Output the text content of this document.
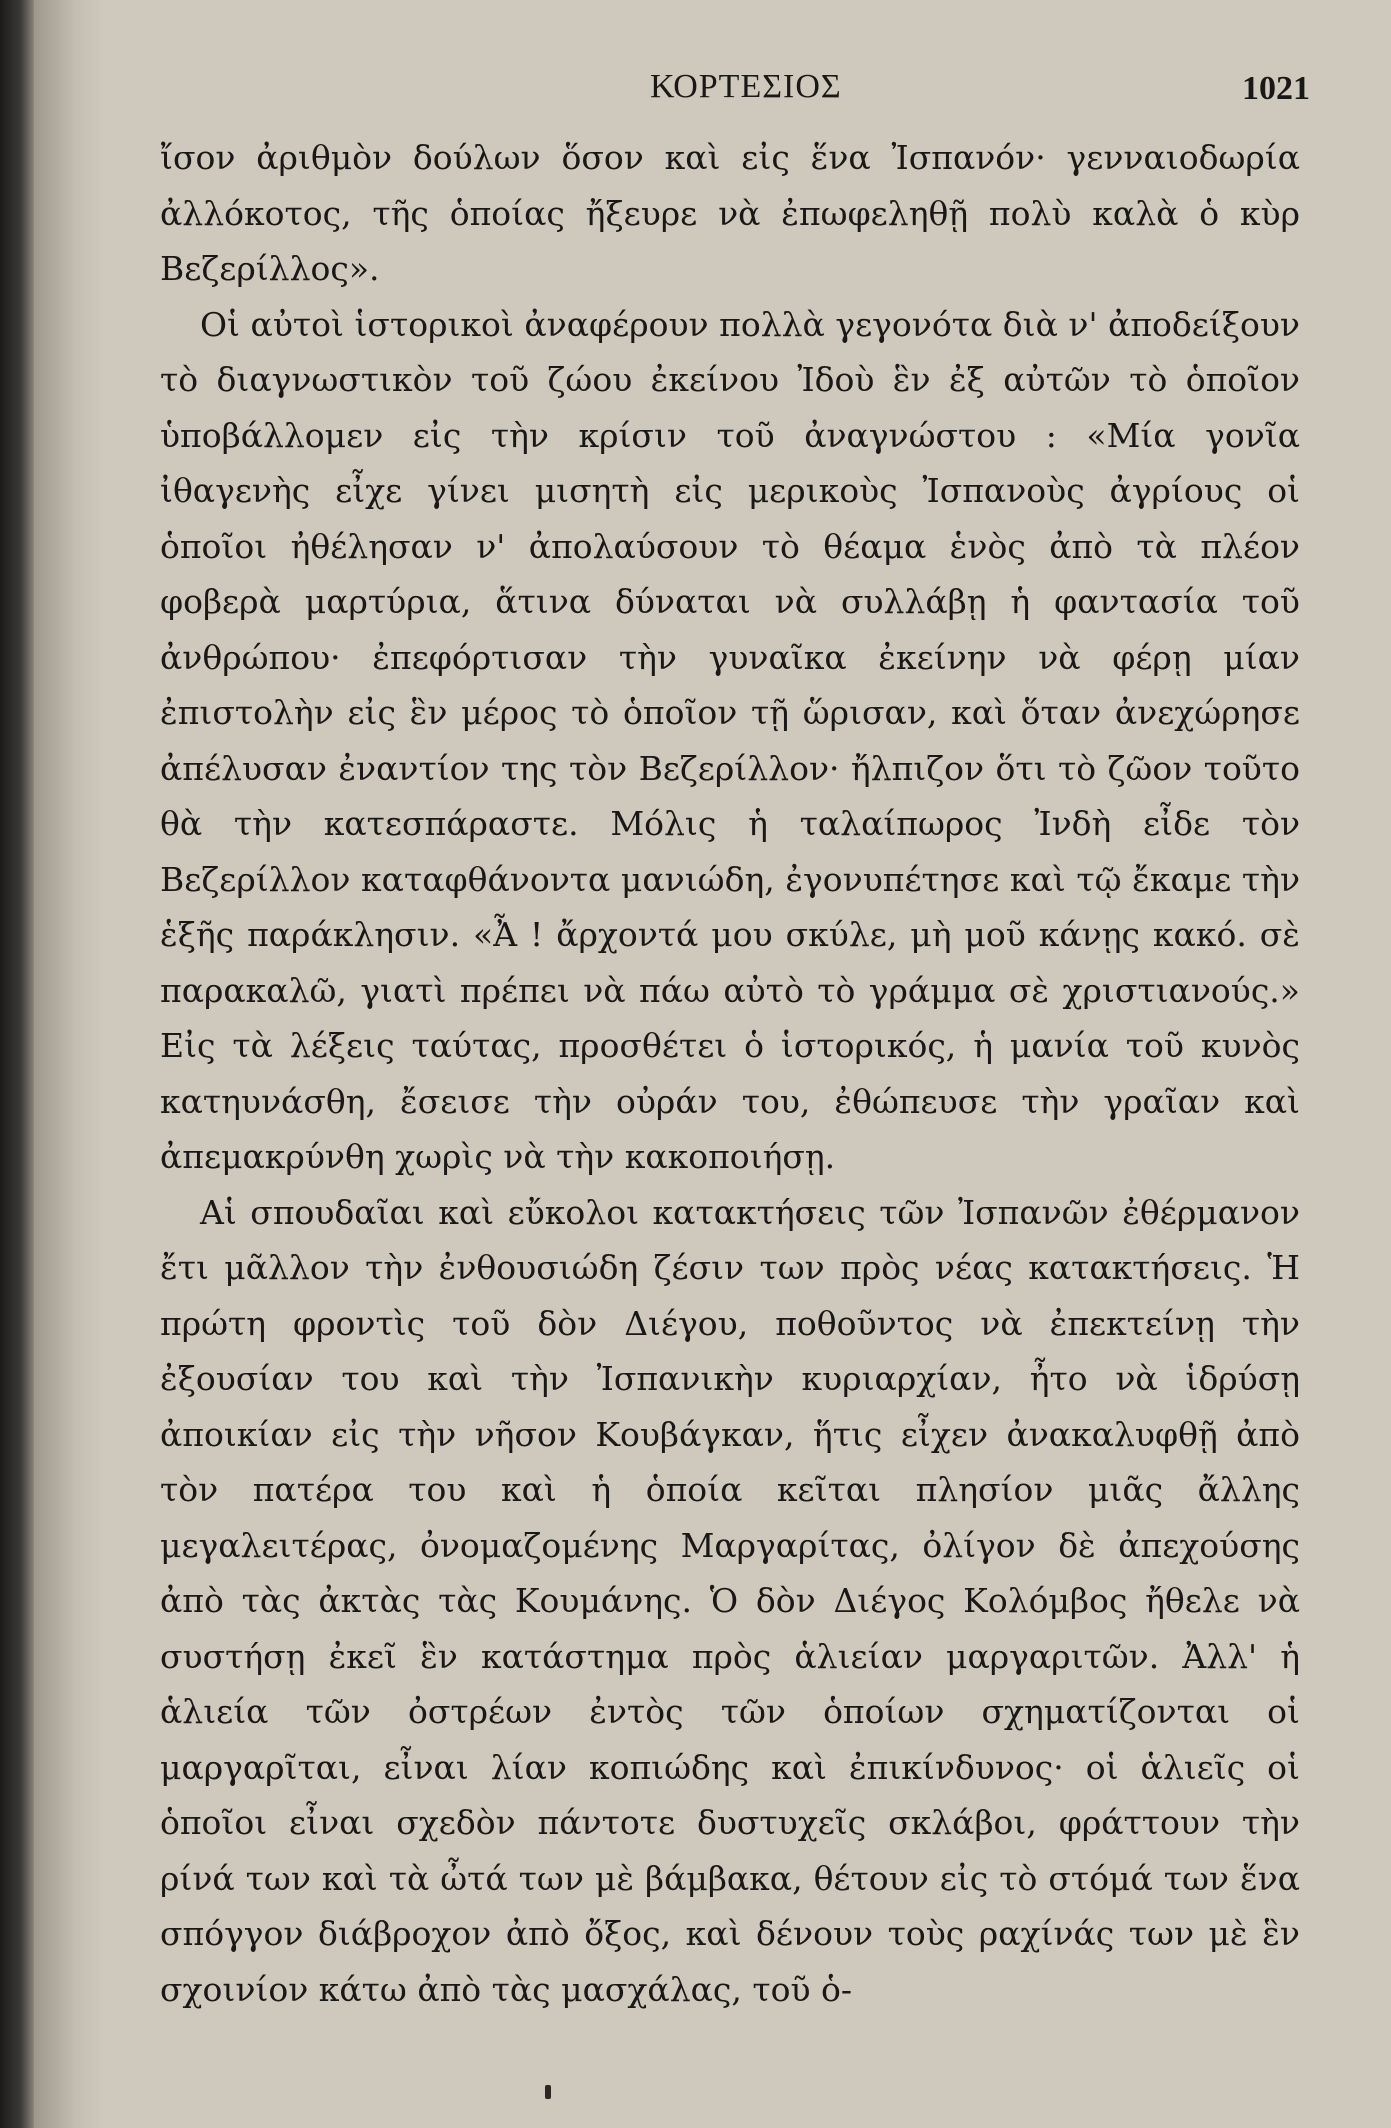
ΚΟΡΤΕΣΙΟΣ	1021

ἴσον ἀριθμὸν δούλων ὅσον καὶ εἰς ἕνα Ἰσπανόν· γενναιοδωρία ἀλλόκοτος, τῆς ὁποίας ἤξευρε νὰ ἐπωφεληθῇ πολὺ καλὰ ὁ κὺρ Βεζερίλλος».

Οἱ αὐτοὶ ἱστορικοὶ ἀναφέρουν πολλὰ γεγονότα διὰ ν' ἀποδείξουν τὸ διαγνωστικὸν τοῦ ζώου ἐκείνου Ἰδοὺ ἓν ἐξ αὐτῶν τὸ ὁποῖον ὑποβάλλομεν εἰς τὴν κρίσιν τοῦ ἀναγνώστου : «Μία γονῖα ἰθαγενὴς εἶχε γίνει μισητὴ εἰς μερικοὺς Ἰσπανοὺς ἀγρίους οἱ ὁποῖοι ἠθέλησαν ν' ἀπολαύσουν τὸ θέαμα ἑνὸς ἀπὸ τὰ πλέον φοβερὰ μαρτύρια, ἅτινα δύναται νὰ συλλάβῃ ἡ φαντασία τοῦ ἀνθρώπου· ἐπεφόρτισαν τὴν γυναῖκα ἐκείνην νὰ φέρῃ μίαν ἐπιστολὴν εἰς ἓν μέρος τὸ ὁποῖον τῇ ὥρισαν, καὶ ὅταν ἀνεχώρησε ἀπέλυσαν ἐναντίον της τὸν Βεζερίλλον· ἤλπιζον ὅτι τὸ ζῶον τοῦτο θὰ τὴν κατεσπάραστε. Μόλις ἡ ταλαίπωρος Ἰνδὴ εἶδε τὸν Βεζερίλλον καταφθάνοντα μανιώδη, ἐγονυπέτησε καὶ τῷ ἔκαμε τὴν ἑξῆς παράκλησιν. «Ἆ ! ἄρχοντά μου σκύλε, μὴ μοῦ κάνῃς κακό. σὲ παρακαλῶ, γιατὶ πρέπει νὰ πάω αὐτὸ τὸ γράμμα σὲ χριστιανούς.» Εἰς τὰ λέξεις ταύτας, προσθέτει ὁ ἱστορικός, ἡ μανία τοῦ κυνὸς κατηυνάσθη, ἔσεισε τὴν οὐράν του, ἐθώπευσε τὴν γραῖαν καὶ ἀπεμακρύνθη χωρὶς νὰ τὴν κακοποιήσῃ.

Αἱ σπουδαῖαι καὶ εὔκολοι κατακτήσεις τῶν Ἰσπανῶν ἐθέρμανον ἔτι μᾶλλον τὴν ἐνθουσιώδη ζέσιν των πρὸς νέας κατακτήσεις. Ἡ πρώτη φροντὶς τοῦ δὸν Διέγου, ποθοῦντος νὰ ἐπεκτείνῃ τὴν ἐξουσίαν του καὶ τὴν Ἰσπανικὴν κυριαρχίαν, ἦτο νὰ ἱδρύσῃ ἀποικίαν εἰς τὴν νῆσον Κουβάγκαν, ἥτις εἶχεν ἀνακαλυφθῇ ἀπὸ τὸν πατέρα του καὶ ἡ ὁποία κεῖται πλησίον μιᾶς ἄλλης μεγαλειτέρας, ὀνομαζομένης Μαργαρίτας, ὀλίγον δὲ ἀπεχούσης ἀπὸ τὰς ἀκτὰς τὰς Κουμάνης. Ὁ δὸν Διέγος Κολόμβος ἤθελε νὰ συστήσῃ ἐκεῖ ἓν κατάστημα πρὸς ἁλιείαν μαργαριτῶν. Ἀλλ' ἡ ἁλιεία τῶν ὀστρέων ἐντὸς τῶν ὁποίων σχηματίζονται οἱ μαργαρῖται, εἶναι λίαν κοπιώδης καὶ ἐπικίνδυνος· οἱ ἁλιεῖς οἱ ὁποῖοι εἶναι σχεδὸν πάντοτε δυστυχεῖς σκλάβοι, φράττουν τὴν ρίνά των καὶ τὰ ὦτά των μὲ βάμβακα, θέτουν εἰς τὸ στόμά των ἕνα σπόγγον διάβροχον ἀπὸ ὄξος, καὶ δένουν τοὺς ραχίνάς των μὲ ἓν σχοινίον κάτω ἀπὸ τὰς μασχάλας, τοῦ ὁ-
